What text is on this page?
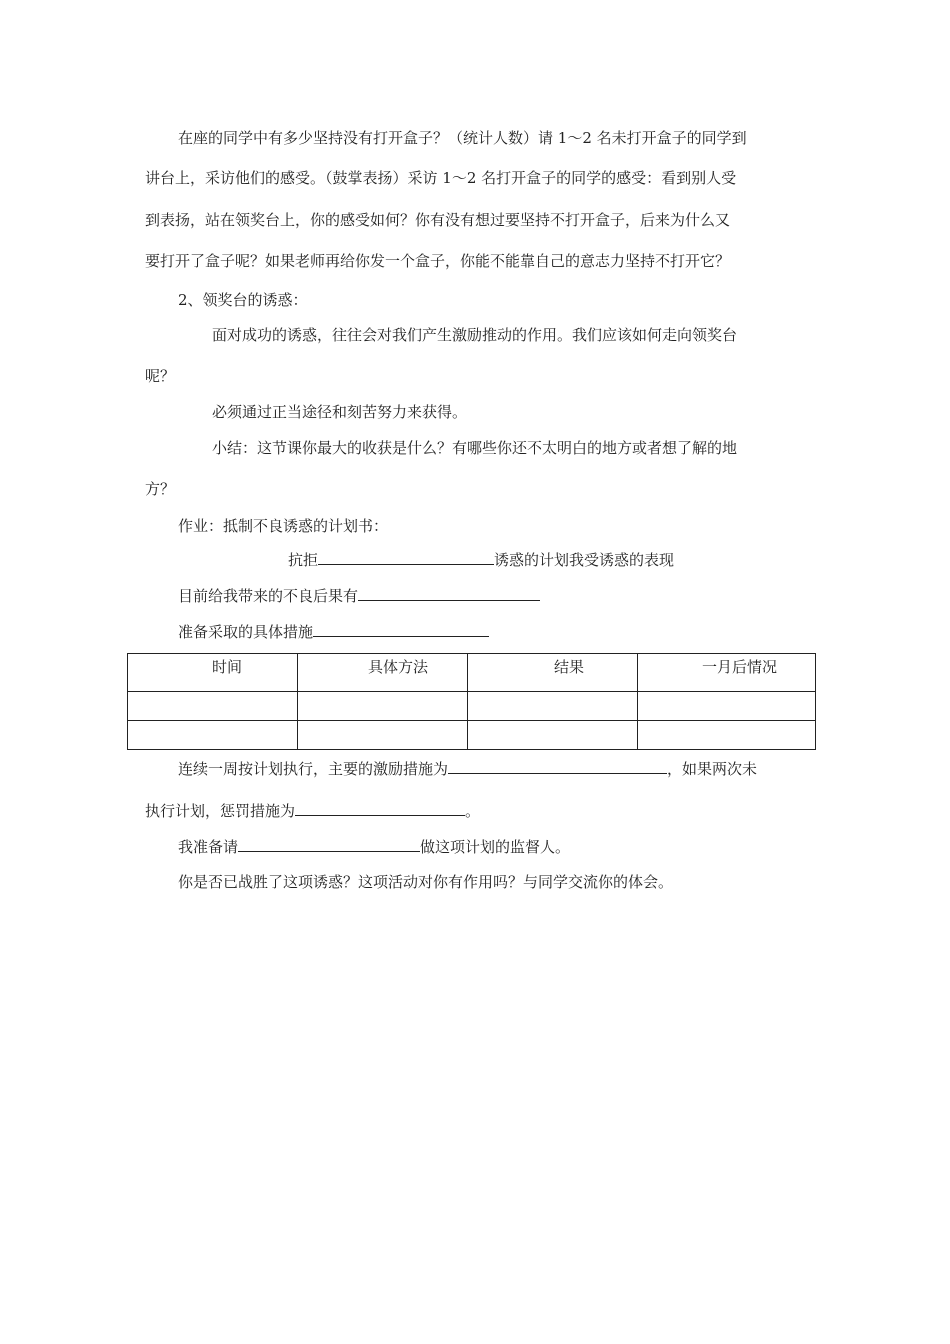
在座的同学中有多少坚持没有打开盒子？（统计人数）请 1～2 名未打开盒子的同学到
讲台上，采访他们的感受。（鼓掌表扬）采访 1～2 名打开盒子的同学的感受：看到别人受
到表扬，站在领奖台上，你的感受如何？你有没有想过要坚持不打开盒子，后来为什么又
要打开了盒子呢？如果老师再给你发一个盒子，你能不能靠自己的意志力坚持不打开它？
2、领奖台的诱惑：
面对成功的诱惑，往往会对我们产生激励推动的作用。我们应该如何走向领奖台
呢？
必须通过正当途径和刻苦努力来获得。
小结：这节课你最大的收获是什么？有哪些你还不太明白的地方或者想了解的地
方？
作业：抵制不良诱惑的计划书：
抗拒	诱惑的计划我受诱惑的表现
目前给我带来的不良后果有
准备采取的具体措施
时间	具体方法	结果	一月后情况

连续一周按计划执行，主要的激励措施为	，如果两次未
执行计划，惩罚措施为	。
我准备请	做这项计划的监督人。
你是否已战胜了这项诱惑？这项活动对你有作用吗？与同学交流你的体会。
